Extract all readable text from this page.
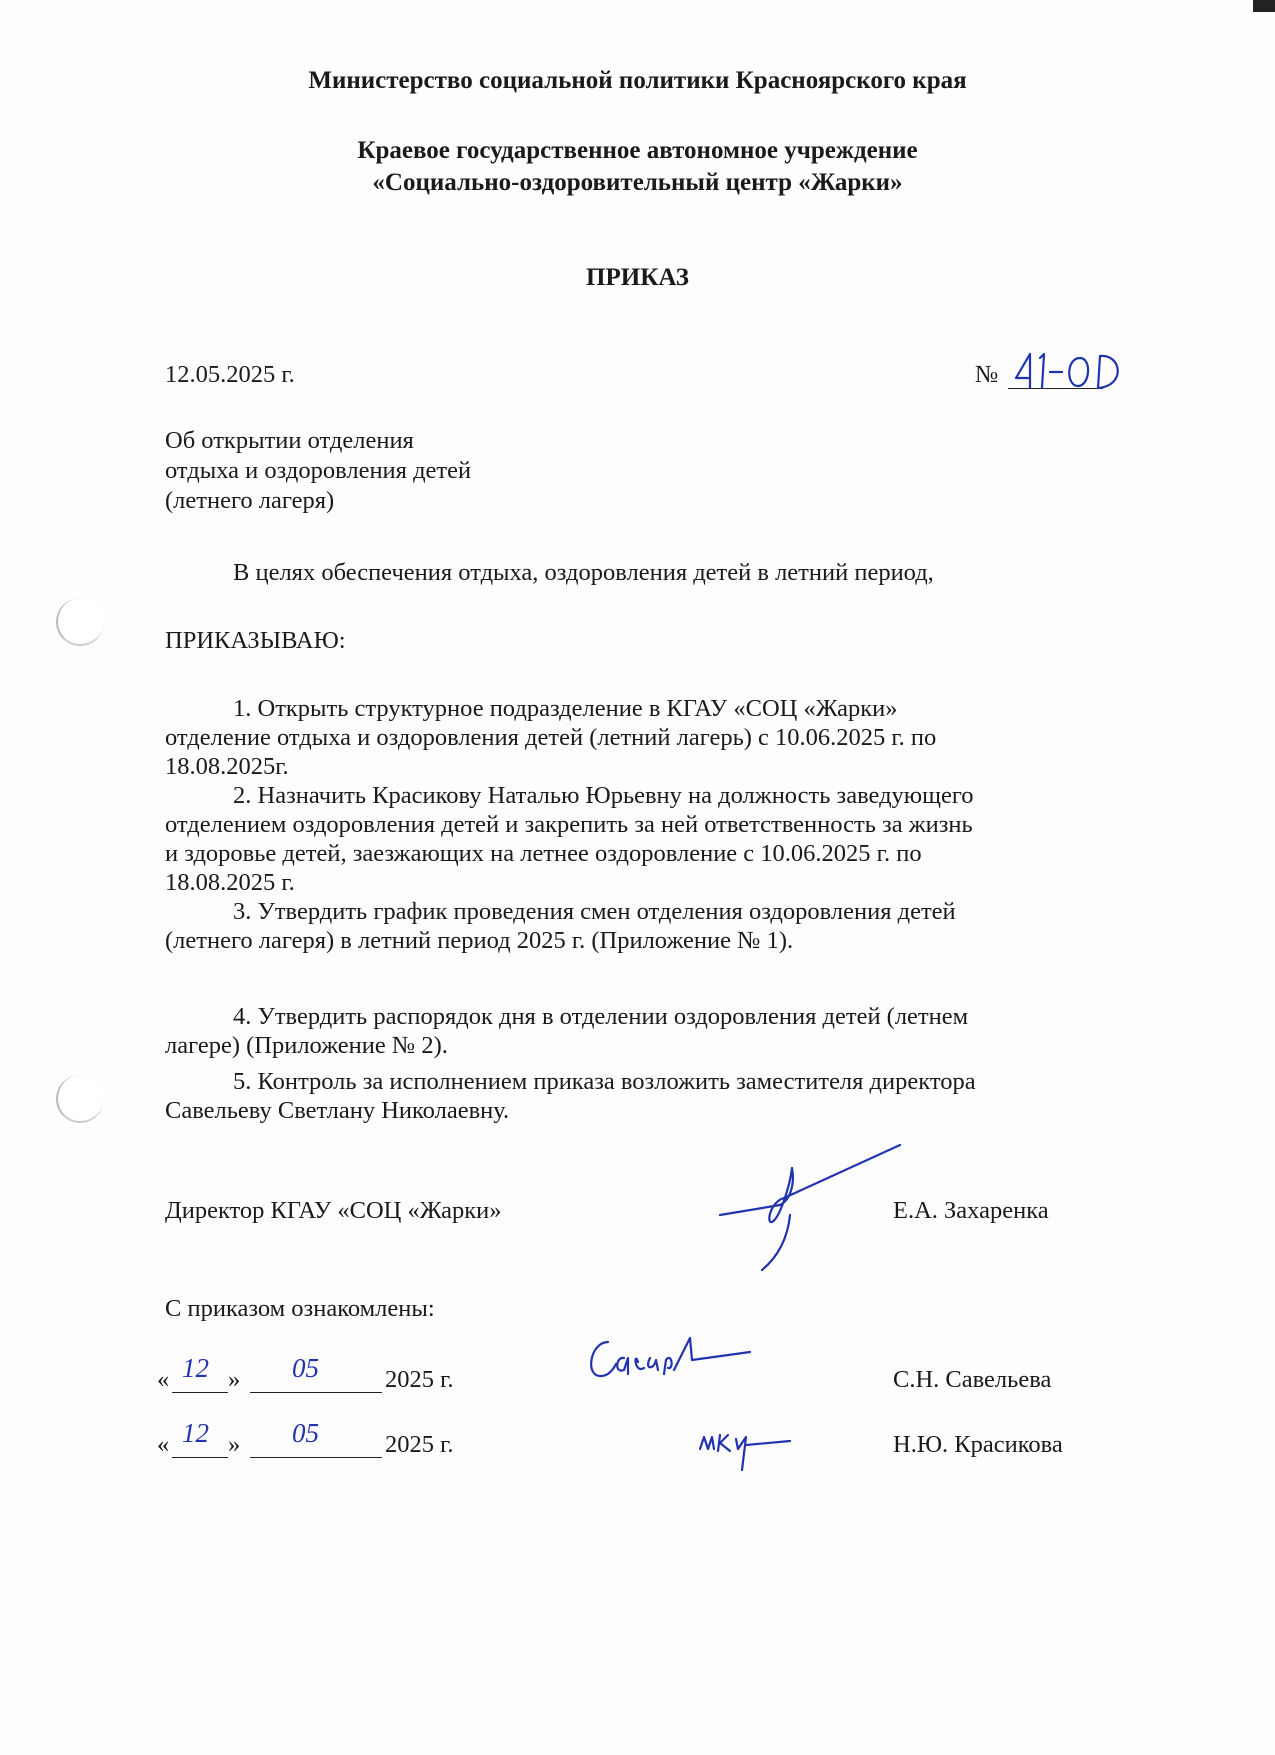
Министерство социальной политики Красноярского края
Краевое государственное автономное учреждение
«Социально-оздоровительный центр «Жарки»
ПРИКАЗ
12.05.2025 г.	№
Об открытии отделения
отдыха и оздоровления детей
(летнего лагеря)
В целях обеспечения отдыха, оздоровления детей в летний период,
ПРИКАЗЫВАЮ:
1. Открыть структурное подразделение в КГАУ «СОЦ «Жарки»
отделение отдыха и оздоровления детей (летний лагерь) с 10.06.2025 г. по
18.08.2025г.
2. Назначить Красикову Наталью Юрьевну на должность заведующего
отделением оздоровления детей и закрепить за ней ответственность за жизнь
и здоровье детей, заезжающих на летнее оздоровление с 10.06.2025 г. по
18.08.2025 г.
3. Утвердить график проведения смен отделения оздоровления детей
(летнего лагеря) в летний период 2025 г. (Приложение № 1).
4. Утвердить распорядок дня в отделении оздоровления детей (летнем
лагере) (Приложение № 2).
5. Контроль за исполнением приказа возложить заместителя директора
Савельеву Светлану Николаевну.
Директор КГАУ «СОЦ «Жарки»	Е.А. Захаренка
С приказом ознакомлены:
« 12 » 05	2025 г.	С.Н. Савельева
« 12 » 05	2025 г.	Н.Ю. Красикова
